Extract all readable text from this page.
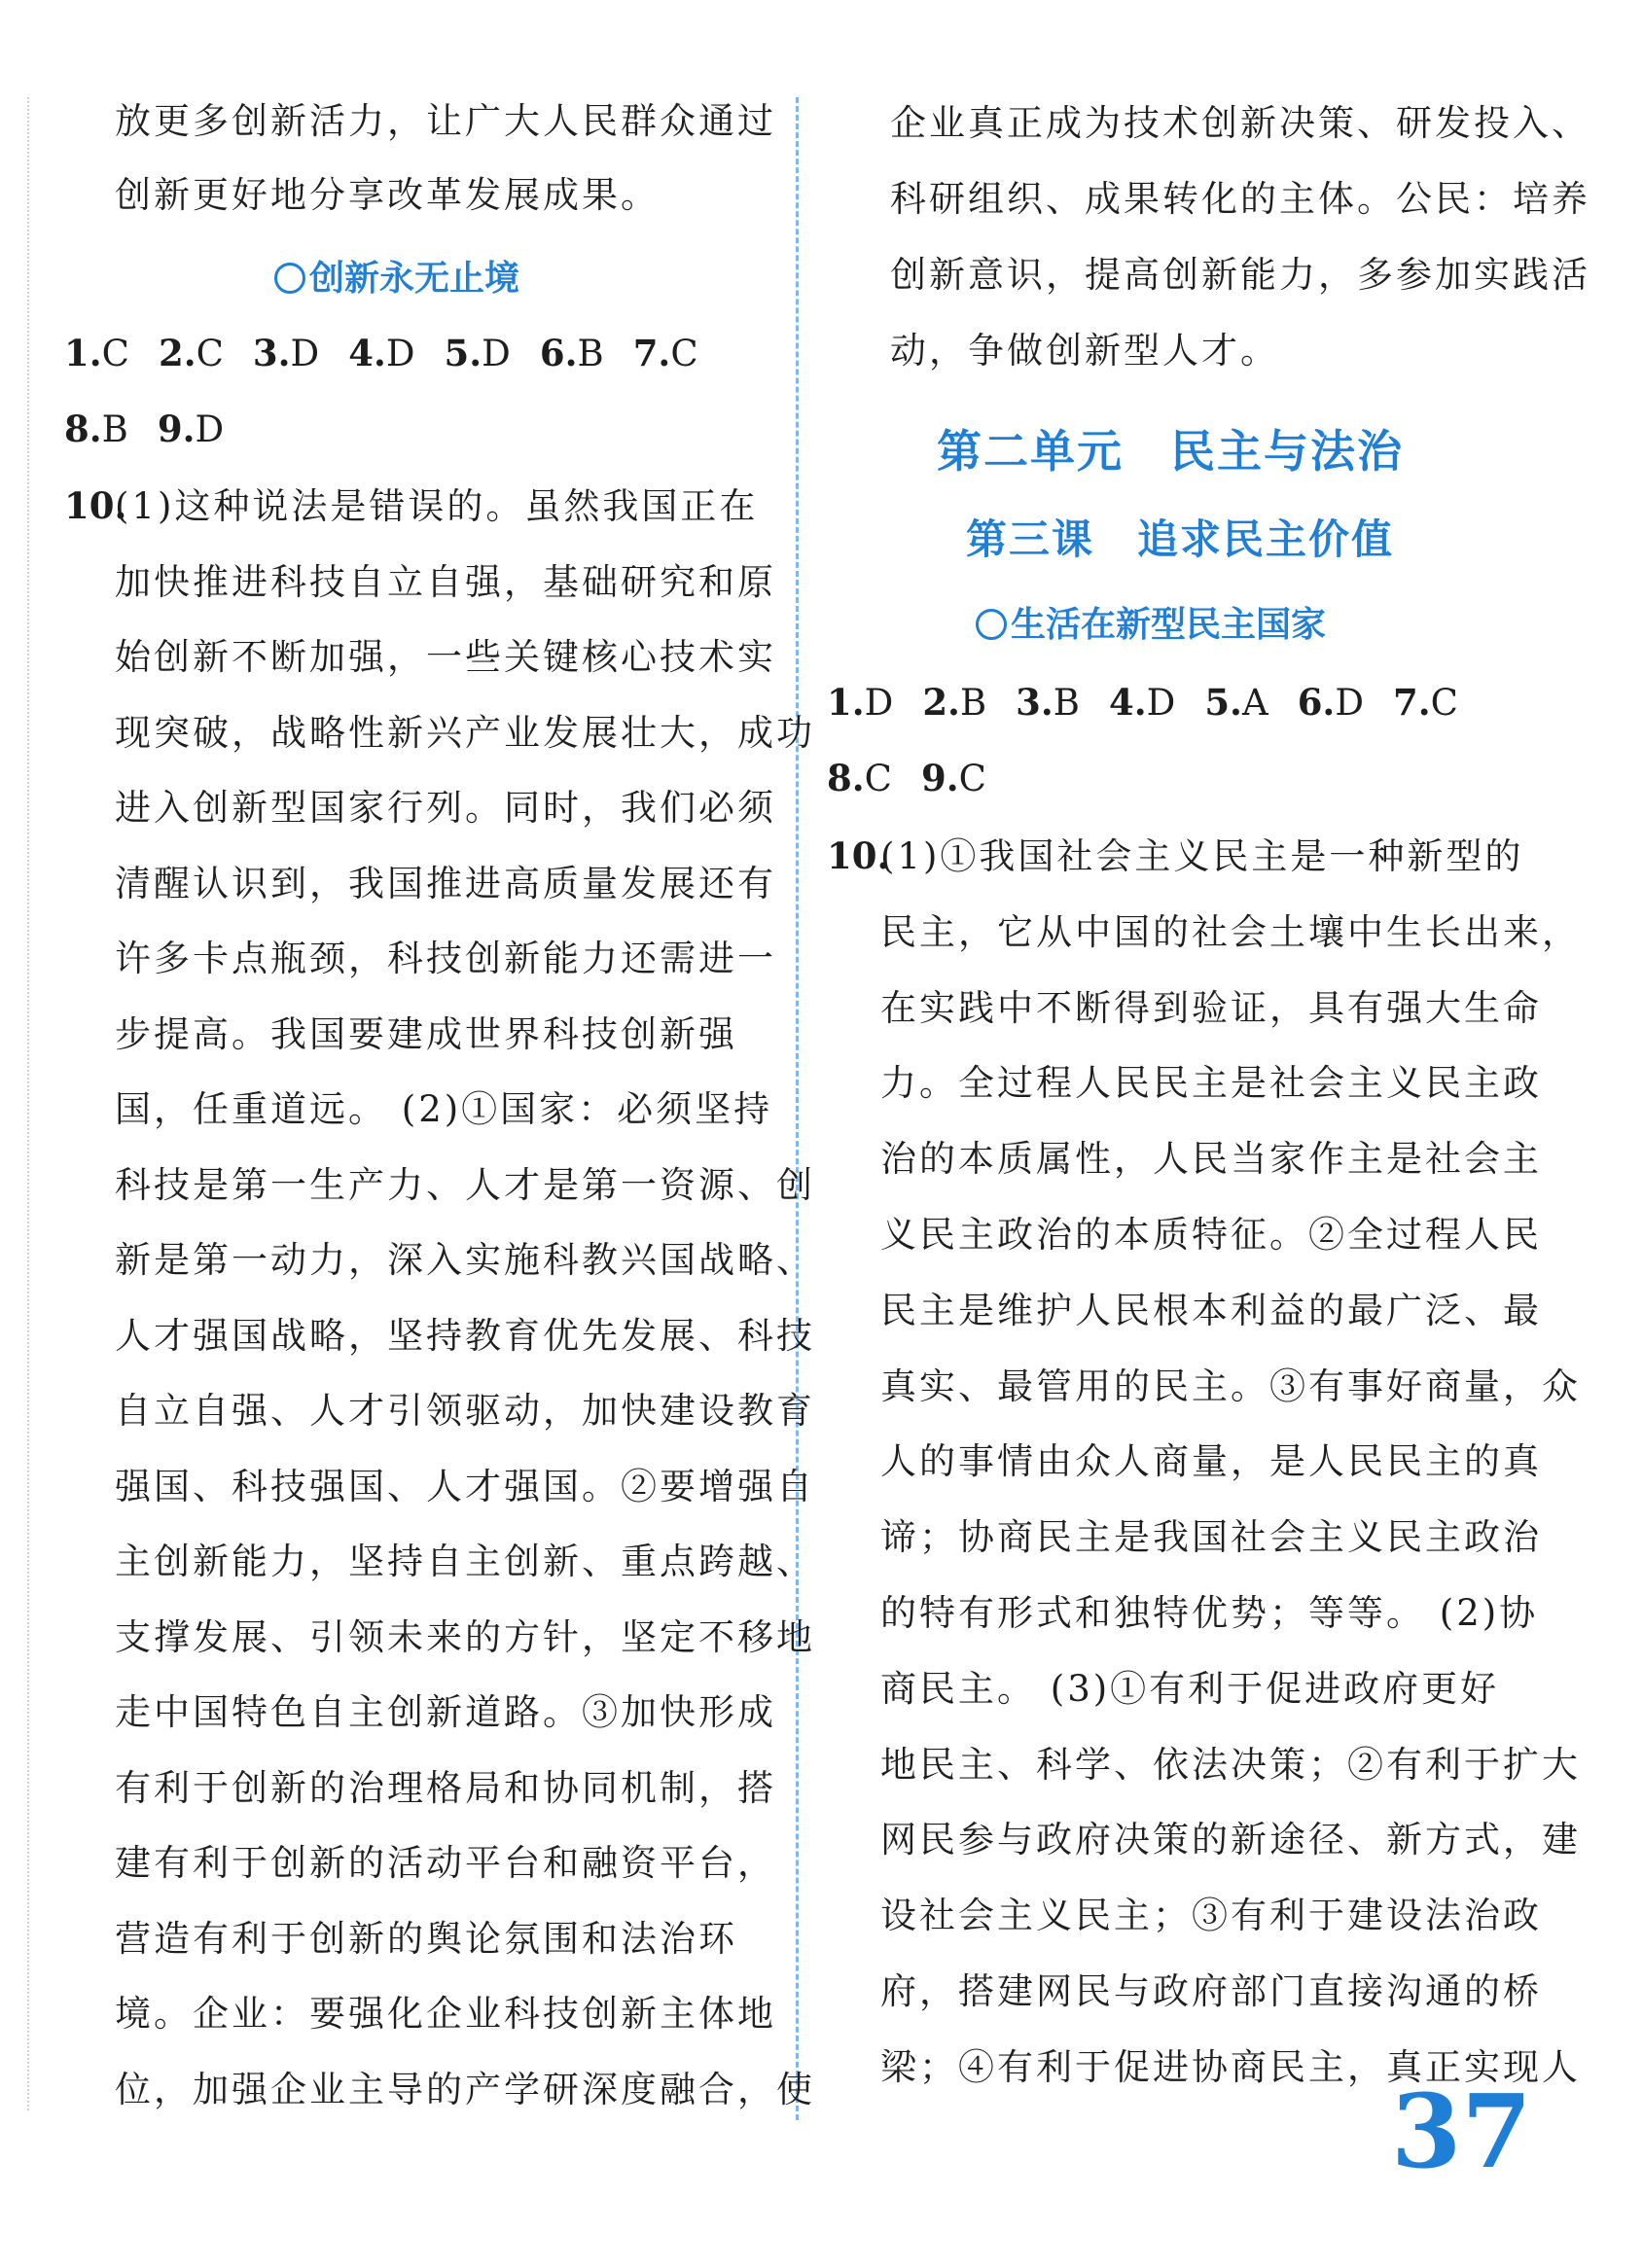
放更多创新活力，让广大人民群众通过
创新更好地分享改革发展成果。
创新永无止境
1.C 2.C 3.D 4.D 5.D 6.B 7.C
8.B 9.D
10.
(1)这种说法是错误的。虽然我国正在
加快推进科技自立自强，基础研究和原
始创新不断加强，一些关键核心技术实
现突破，战略性新兴产业发展壮大，成功
进入创新型国家行列。同时，我们必须
清醒认识到，我国推进高质量发展还有
许多卡点瓶颈，科技创新能力还需进一
步提高。我国要建成世界科技创新强
国，任重道远。 (2)①国家：必须坚持
科技是第一生产力、人才是第一资源、创
新是第一动力，深入实施科教兴国战略、
人才强国战略，坚持教育优先发展、科技
自立自强、人才引领驱动，加快建设教育
强国、科技强国、人才强国。②要增强自
主创新能力，坚持自主创新、重点跨越、
支撑发展、引领未来的方针，坚定不移地
走中国特色自主创新道路。③加快形成
有利于创新的治理格局和协同机制，搭
建有利于创新的活动平台和融资平台，
营造有利于创新的舆论氛围和法治环
境。企业：要强化企业科技创新主体地
位，加强企业主导的产学研深度融合，使
企业真正成为技术创新决策、研发投入、
科研组织、成果转化的主体。公民：培养
创新意识，提高创新能力，多参加实践活
动，争做创新型人才。
第二单元　民主与法治
第三课　追求民主价值
生活在新型民主国家
1.D 2.B 3.B 4.D 5.A 6.D 7.C
8.C 9.C
10.
(1)①我国社会主义民主是一种新型的
民主，它从中国的社会土壤中生长出来，
在实践中不断得到验证，具有强大生命
力。全过程人民民主是社会主义民主政
治的本质属性，人民当家作主是社会主
义民主政治的本质特征。②全过程人民
民主是维护人民根本利益的最广泛、最
真实、最管用的民主。③有事好商量，众
人的事情由众人商量，是人民民主的真
谛；协商民主是我国社会主义民主政治
的特有形式和独特优势；等等。 (2)协
商民主。 (3)①有利于促进政府更好
地民主、科学、依法决策；②有利于扩大
网民参与政府决策的新途径、新方式，建
设社会主义民主；③有利于建设法治政
府，搭建网民与政府部门直接沟通的桥
梁；④有利于促进协商民主，真正实现人
37
